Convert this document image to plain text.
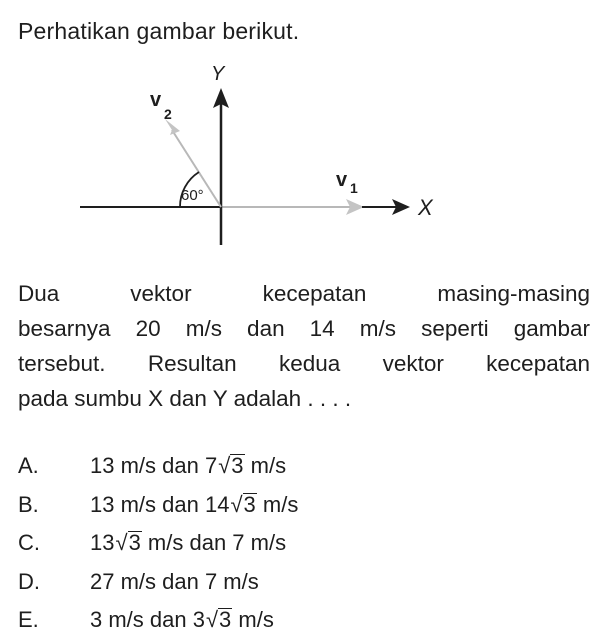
Perhatikan gambar berikut.
Y
X
v
2
v 1
60°
Dua vektor kecepatan masing-masing
besarnya 20 m/s dan 14 m/s seperti gambar
tersebut. Resultan kedua vektor kecepatan
pada sumbu X dan Y adalah . . . .
A.	13 m/s dan 7√3 m/s
B.	13 m/s dan 14√3 m/s
C.	13√3 m/s dan 7 m/s
D.	27 m/s dan 7 m/s
E.	3 m/s dan 3√3 m/s
